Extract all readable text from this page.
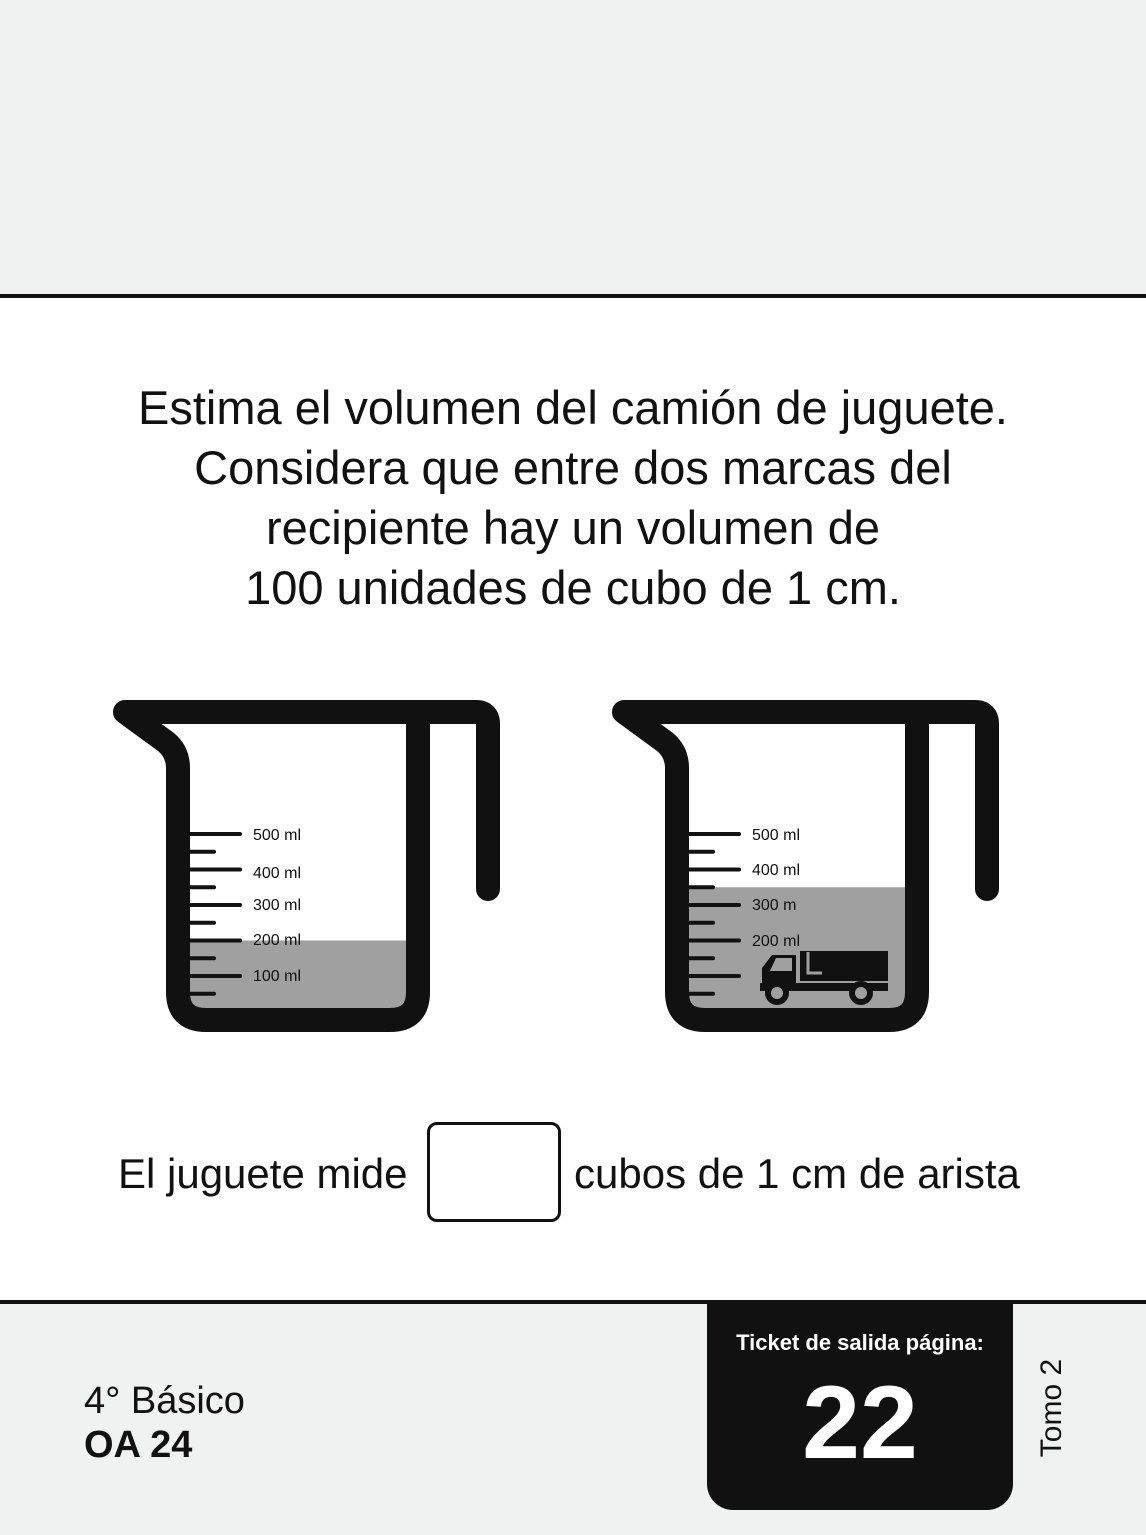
Estima el volumen del camión de juguete.
Considera que entre dos marcas del
recipiente hay un volumen de
100 unidades de cubo de 1 cm.
500 ml
400 ml
300 ml
200 ml
100 ml
500 ml
400 ml
300 m
200 ml
El juguete mide	cubos de 1 cm de arista
4° Básico
OA 24
Ticket de salida página:
22	Tomo 2
